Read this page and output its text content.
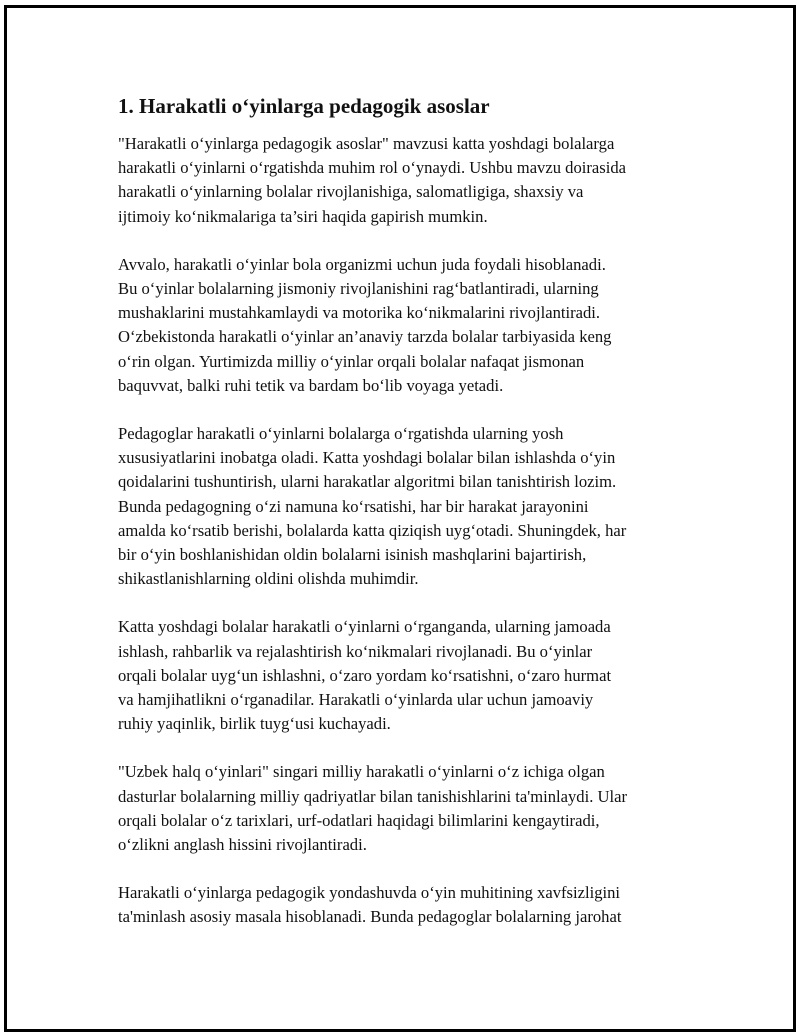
1. Harakatli o‘yinlarga pedagogik asoslar

"Harakatli o‘yinlarga pedagogik asoslar" mavzusi katta yoshdagi bolalarga
harakatli o‘yinlarni o‘rgatishda muhim rol o‘ynaydi. Ushbu mavzu doirasida
harakatli o‘yinlarning bolalar rivojlanishiga, salomatligiga, shaxsiy va
ijtimoiy ko‘nikmalariga ta’siri haqida gapirish mumkin.

Avvalo, harakatli o‘yinlar bola organizmi uchun juda foydali hisoblanadi.
Bu o‘yinlar bolalarning jismoniy rivojlanishini rag‘batlantiradi, ularning
mushaklarini mustahkamlaydi va motorika ko‘nikmalarini rivojlantiradi.
O‘zbekistonda harakatli o‘yinlar an’anaviy tarzda bolalar tarbiyasida keng
o‘rin olgan. Yurtimizda milliy o‘yinlar orqali bolalar nafaqat jismonan
baquvvat, balki ruhi tetik va bardam bo‘lib voyaga yetadi.

Pedagoglar harakatli o‘yinlarni bolalarga o‘rgatishda ularning yosh
xususiyatlarini inobatga oladi. Katta yoshdagi bolalar bilan ishlashda o‘yin
qoidalarini tushuntirish, ularni harakatlar algoritmi bilan tanishtirish lozim.
Bunda pedagogning o‘zi namuna ko‘rsatishi, har bir harakat jarayonini
amalda ko‘rsatib berishi, bolalarda katta qiziqish uyg‘otadi. Shuningdek, har
bir o‘yin boshlanishidan oldin bolalarni isinish mashqlarini bajartirish,
shikastlanishlarning oldini olishda muhimdir.

Katta yoshdagi bolalar harakatli o‘yinlarni o‘rganganda, ularning jamoada
ishlash, rahbarlik va rejalashtirish ko‘nikmalari rivojlanadi. Bu o‘yinlar
orqali bolalar uyg‘un ishlashni, o‘zaro yordam ko‘rsatishni, o‘zaro hurmat
va hamjihatlikni o‘rganadilar. Harakatli o‘yinlarda ular uchun jamoaviy
ruhiy yaqinlik, birlik tuyg‘usi kuchayadi.

"Uzbek halq o‘yinlari" singari milliy harakatli o‘yinlarni o‘z ichiga olgan
dasturlar bolalarning milliy qadriyatlar bilan tanishishlarini ta'minlaydi. Ular
orqali bolalar o‘z tarixlari, urf-odatlari haqidagi bilimlarini kengaytiradi,
o‘zlikni anglash hissini rivojlantiradi.

Harakatli o‘yinlarga pedagogik yondashuvda o‘yin muhitining xavfsizligini
ta'minlash asosiy masala hisoblanadi. Bunda pedagoglar bolalarning jarohat
